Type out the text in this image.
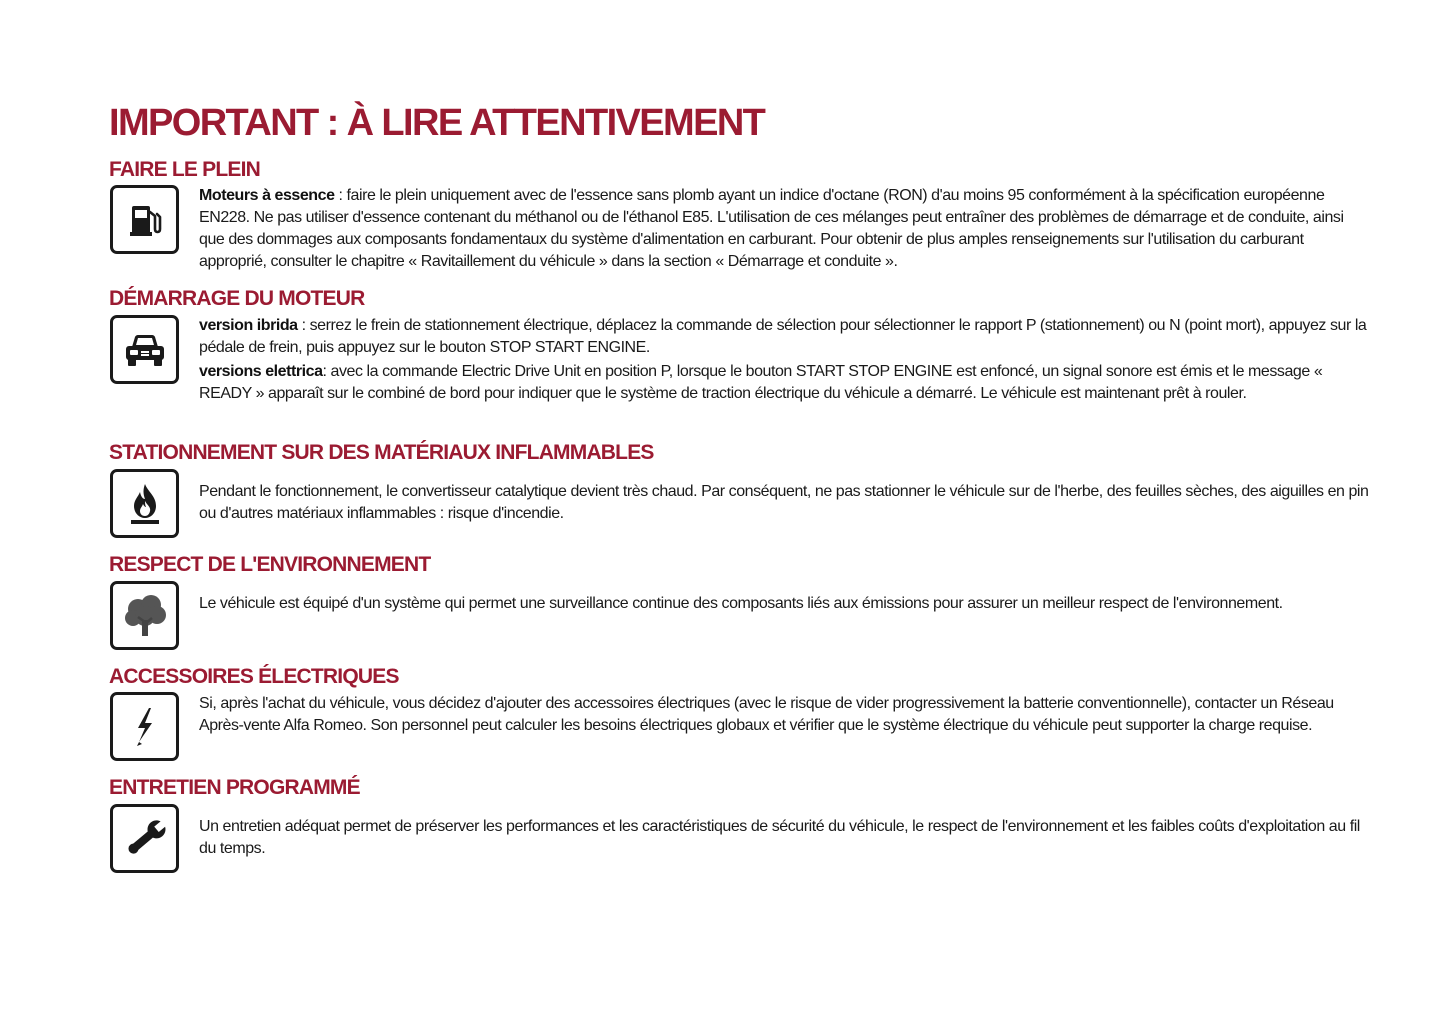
IMPORTANT : À LIRE ATTENTIVEMENT
FAIRE LE PLEIN

Moteurs à essence : faire le plein uniquement avec de l'essence sans plomb ayant un indice d'octane (RON) d'au moins 95 conformément à la spécification européenne EN228. Ne pas utiliser d'essence contenant du méthanol ou de l'éthanol E85. L'utilisation de ces mélanges peut entraîner des problèmes de démarrage et de conduite, ainsi que des dommages aux composants fondamentaux du système d'alimentation en carburant. Pour obtenir de plus amples renseignements sur l'utilisation du carburant approprié, consulter le chapitre « Ravitaillement du véhicule » dans la section « Démarrage et conduite ».

DÉMARRAGE DU MOTEUR

version ibrida : serrez le frein de stationnement électrique, déplacez la commande de sélection pour sélectionner le rapport P (stationnement) ou N (point mort), appuyez sur la pédale de frein, puis appuyez sur le bouton STOP START ENGINE.

versions elettrica: avec la commande Electric Drive Unit en position P, lorsque le bouton START STOP ENGINE est enfoncé, un signal sonore est émis et le message « READY » apparaît sur le combiné de bord pour indiquer que le système de traction électrique du véhicule a démarré. Le véhicule est maintenant prêt à rouler.

STATIONNEMENT SUR DES MATÉRIAUX INFLAMMABLES

Pendant le fonctionnement, le convertisseur catalytique devient très chaud. Par conséquent, ne pas stationner le véhicule sur de l'herbe, des feuilles sèches, des aiguilles en pin ou d'autres matériaux inflammables : risque d'incendie.

RESPECT DE L'ENVIRONNEMENT

Le véhicule est équipé d'un système qui permet une surveillance continue des composants liés aux émissions pour assurer un meilleur respect de l'environnement.

ACCESSOIRES ÉLECTRIQUES

Si, après l'achat du véhicule, vous décidez d'ajouter des accessoires électriques (avec le risque de vider progressivement la batterie conventionnelle), contacter un Réseau Après-vente Alfa Romeo. Son personnel peut calculer les besoins électriques globaux et vérifier que le système électrique du véhicule peut supporter la charge requise.

ENTRETIEN PROGRAMMÉ

Un entretien adéquat permet de préserver les performances et les caractéristiques de sécurité du véhicule, le respect de l'environnement et les faibles coûts d'exploitation au fil du temps.
